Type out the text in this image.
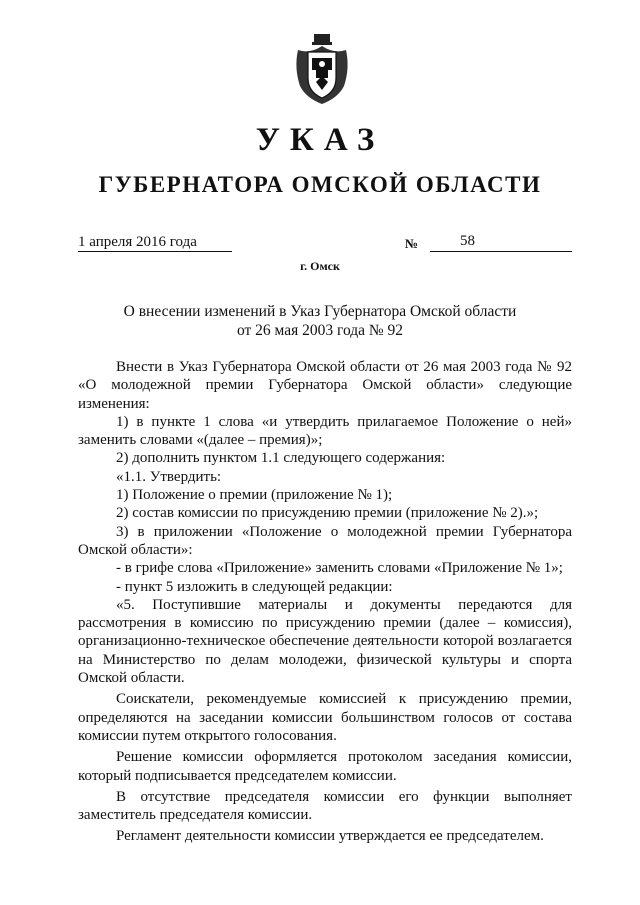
УКАЗ
ГУБЕРНАТОРА ОМСКОЙ ОБЛАСТИ
1 апреля 2016 года	№	58
г. Омск
О внесении изменений в Указ Губернатора Омской области
от 26 мая 2003 года № 92

Внести в Указ Губернатора Омской области от 26 мая 2003 года № 92 «О молодежной премии Губернатора Омской области» следующие изменения:

1) в пункте 1 слова «и утвердить прилагаемое Положение о ней» заменить словами «(далее – премия)»;

2) дополнить пунктом 1.1 следующего содержания:

«1.1. Утвердить:

1) Положение о премии (приложение № 1);

2) состав комиссии по присуждению премии (приложение № 2).»;

3) в приложении «Положение о молодежной премии Губернатора Омской области»:

- в грифе слова «Приложение» заменить словами «Приложение № 1»;

- пункт 5 изложить в следующей редакции:

«5. Поступившие материалы и документы передаются для рассмотрения в комиссию по присуждению премии (далее – комиссия), организационно-техническое обеспечение деятельности которой возлагается на Министерство по делам молодежи, физической культуры и спорта Омской области.

Соискатели, рекомендуемые комиссией к присуждению премии, определяются на заседании комиссии большинством голосов от состава комиссии путем открытого голосования.

Решение комиссии оформляется протоколом заседания комиссии, который подписывается председателем комиссии.

В отсутствие председателя комиссии его функции выполняет заместитель председателя комиссии.

Регламент деятельности комиссии утверждается ее председателем.
